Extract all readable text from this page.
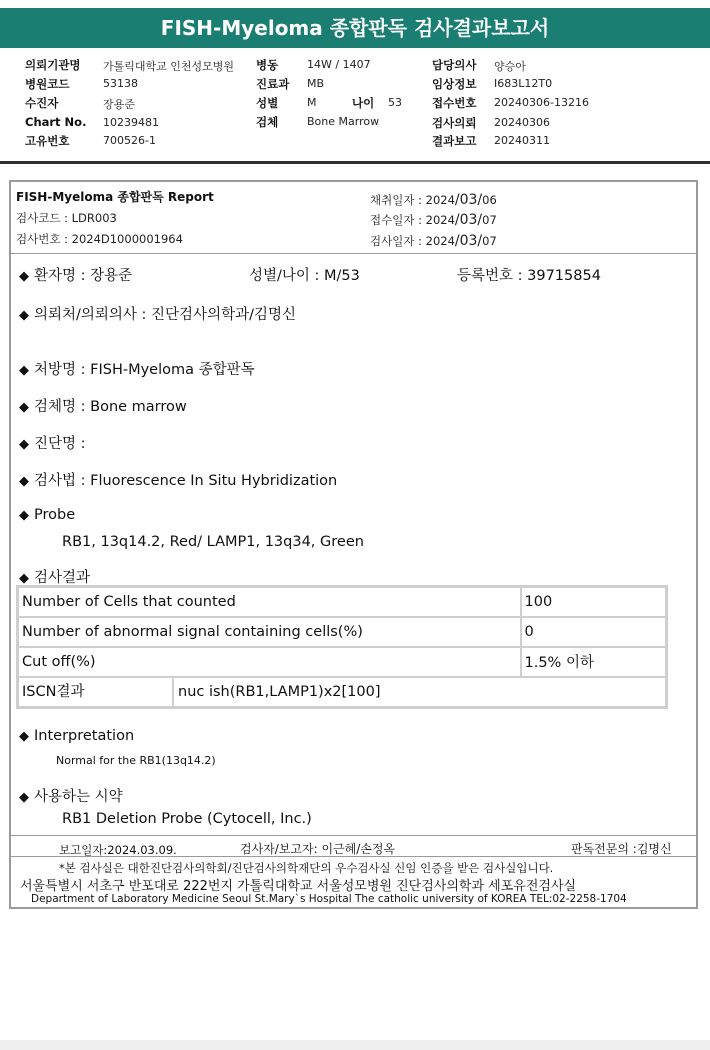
FISH-Myeloma 종합판독 검사결과보고서
의뢰기관명 가톨릭대학교 인천성모병원 병동	14W / 1407	담당의사 양승아
병원코드	53138	진료과 MB	임상정보 I683L12T0
수진자	장용준	성별	M	나이 53	접수번호 20240306-13216
Chart No. 10239481	검체	Bone Marrow	검사의뢰 20240306
고유번호	700526-1	결과보고 20240311
FISH-Myeloma 종합판독 Report
검사코드 : LDR003
검사번호 : 2024D1000001964
채취일자 : 2024/03/06
접수일자 : 2024/03/07
검사일자 : 2024/03/07
◆ 환자명 : 장용준	성별/나이 : M/53	등록번호 : 39715854
◆ 의뢰처/의뢰의사 : 진단검사의학과/김명신
◆ 처방명 : FISH-Myeloma 종합판독
◆ 검체명 : Bone marrow
◆ 진단명 :
◆ 검사법 : Fluorescence In Situ Hybridization
◆ Probe
RB1, 13q14.2, Red/ LAMP1, 13q34, Green
◆ 검사결과
Number of Cells that counted	100
Number of abnormal signal containing cells(%)	0
Cut off(%)	1.5% 이하

ISCN결과 nuc ish(RB1,LAMP1)x2[100]	
◆ Interpretation
Normal for the RB1(13q14.2)
◆ 사용하는 시약
RB1 Deletion Probe (Cytocell, Inc.)
보고일자:2024.03.09.	검사자/보고자: 이근혜/손정옥	판독전문의 :김명신
*본 검사실은 대한진단검사의학회/진단검사의학재단의 우수검사실 신임 인증을 받은 검사실입니다.
서울특별시 서초구 반포대로 222번지 가톨릭대학교 서울성모병원 진단검사의학과 세포유전검사실
Department of Laboratory Medicine Seoul St.Mary`s Hospital The catholic university of KOREA TEL:02-2258-1704
